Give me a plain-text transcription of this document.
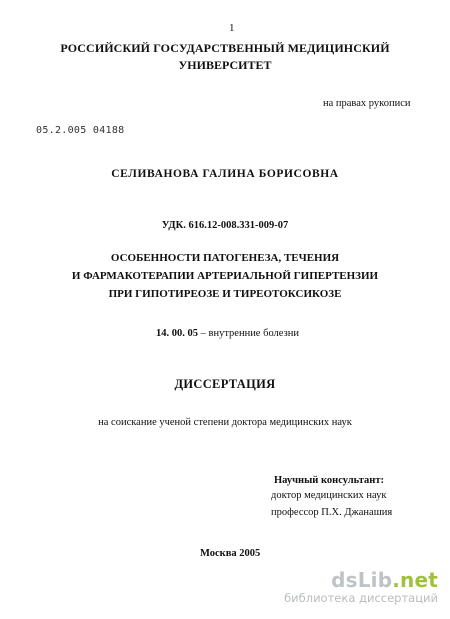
1
РОССИЙСКИЙ ГОСУДАРСТВЕННЫЙ МЕДИЦИНСКИЙ
УНИВЕРСИТЕТ
на правах рукописи
05.2.005 04188
СЕЛИВАНОВА ГАЛИНА БОРИСОВНА
УДК. 616.12-008.331-009-07
ОСОБЕННОСТИ ПАТОГЕНЕЗА, ТЕЧЕНИЯ
И ФАРМАКОТЕРАПИИ АРТЕРИАЛЬНОЙ ГИПЕРТЕНЗИИ
ПРИ ГИПОТИРЕОЗЕ И ТИРЕОТОКСИКОЗЕ
14. 00. 05 – внутренние болезни
ДИССЕРТАЦИЯ
на соискание ученой степени доктора медицинских наук
Научный консультант:
доктор медицинских наук
профессор П.Х. Джанашия
Москва 2005
dsLib.net
библиотека диссертаций
